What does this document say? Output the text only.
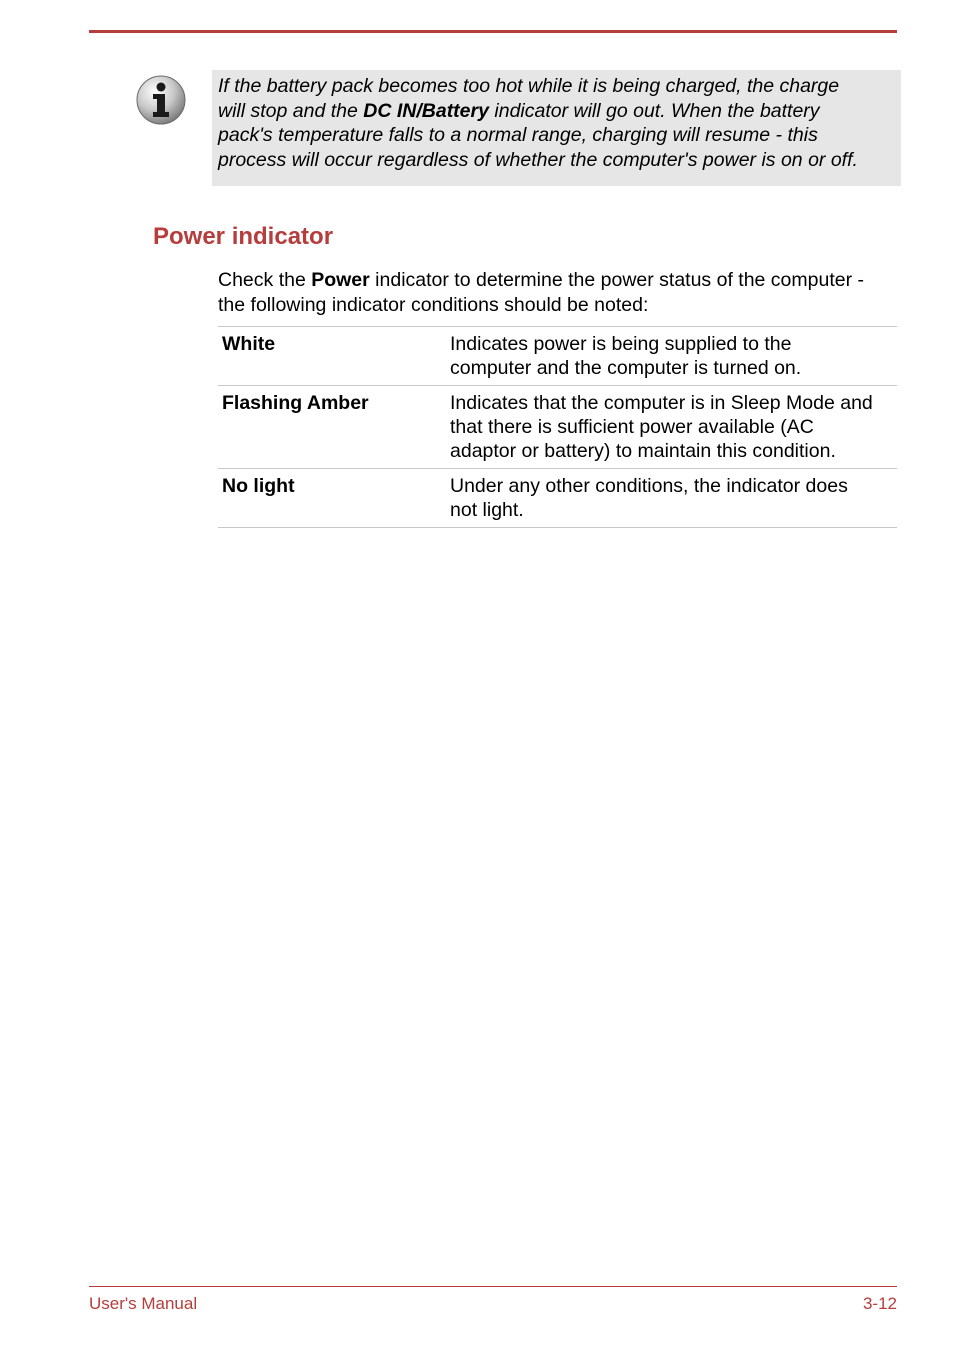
If the battery pack becomes too hot while it is being charged, the charge
will stop and the DC IN/Battery indicator will go out. When the battery
pack's temperature falls to a normal range, charging will resume - this
process will occur regardless of whether the computer's power is on or off.

Power indicator

Check the Power indicator to determine the power status of the computer -
the following indicator conditions should be noted:

White	Indicates power is being supplied to the
computer and the computer is turned on.
Flashing Amber	Indicates that the computer is in Sleep Mode and
that there is sufficient power available (AC
adaptor or battery) to maintain this condition.
No light	Under any other conditions, the indicator does
not light.
User's Manual	3-12
